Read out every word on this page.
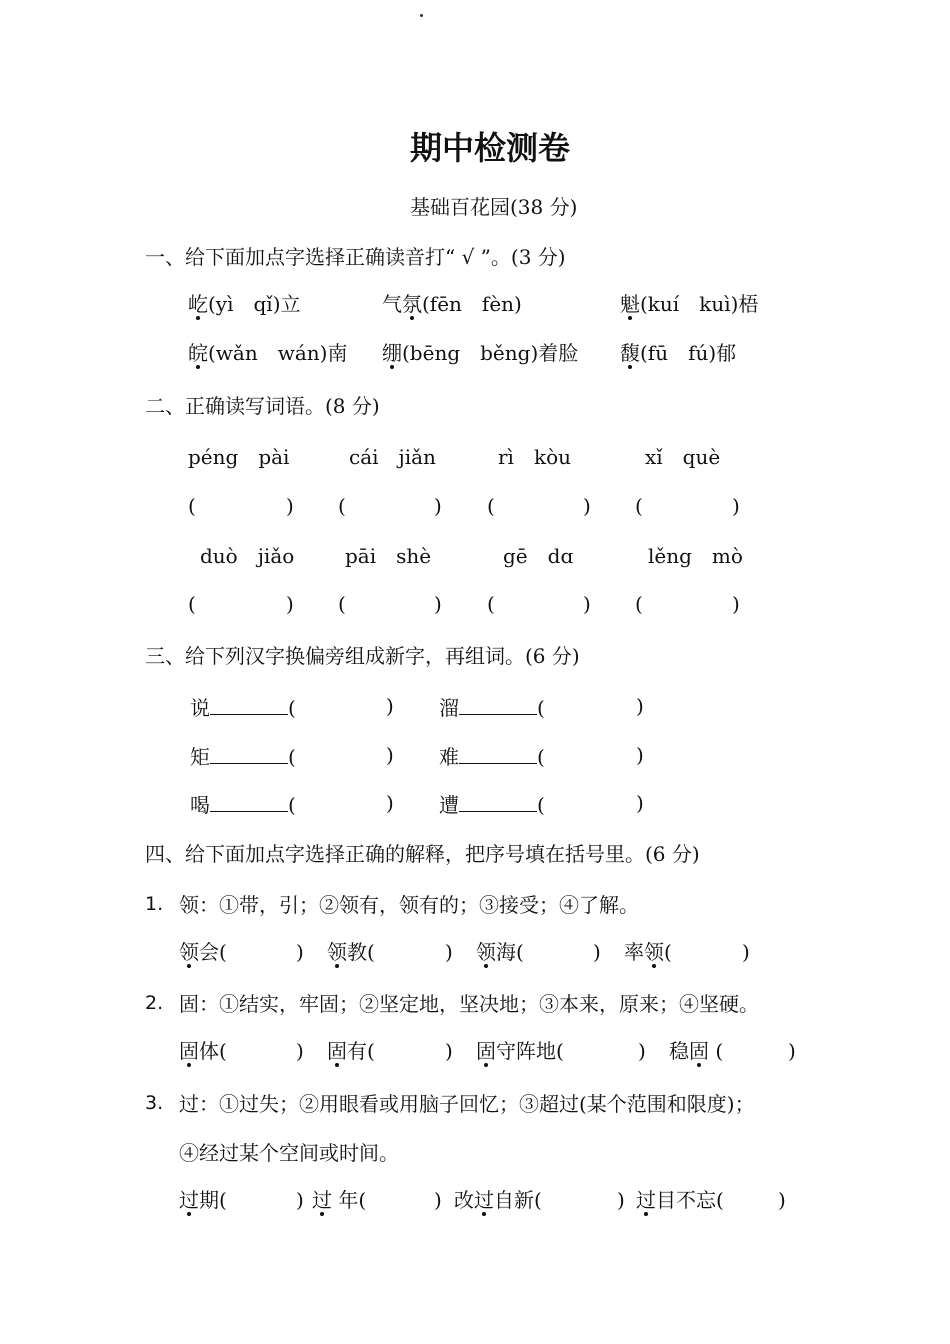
期中检测卷
基础百花园(38 分)
一、给下面加点字选择正确读音打“ √ ”。(3 分)
屹(yì　qǐ)立	气氛(fēn　fèn)	魁(kuí　kuì)梧
皖(wǎn　wán)南 绷(bēng　běng)着脸 馥(fū　fú)郁
二、正确读写词语。(8 分)
péng　pài	cái　jiǎn	rì　kòu	xǐ　què
(	) (	) (	) (	)
duò　jiǎo	pāi　shè	gē　dɑ	lěng　mò
(	) (	) (	) (	)
三、给下列汉字换偏旁组成新字，再组词。(6 分)
说	(	) 溜	(	)
矩	(	) 难	(	)
喝	(	) 遭	(	)
四、给下面加点字选择正确的解释，把序号填在括号里。(6 分)
1. 领：①带，引；②领有，领有的；③接受；④了解。
领会(	) 领教(	) 领海(	) 率领(	)
2. 固：①结实，牢固；②坚定地，坚决地；③本来，原来；④坚硬。
固体(	) 固有(	) 固守阵地(	) 稳固 (	)
3. 过：①过失；②用眼看或用脑子回忆；③超过(某个范围和限度)；
④经过某个空间或时间。
过期(	) 过 年(	) 改过自新(	) 过目不忘(	)
